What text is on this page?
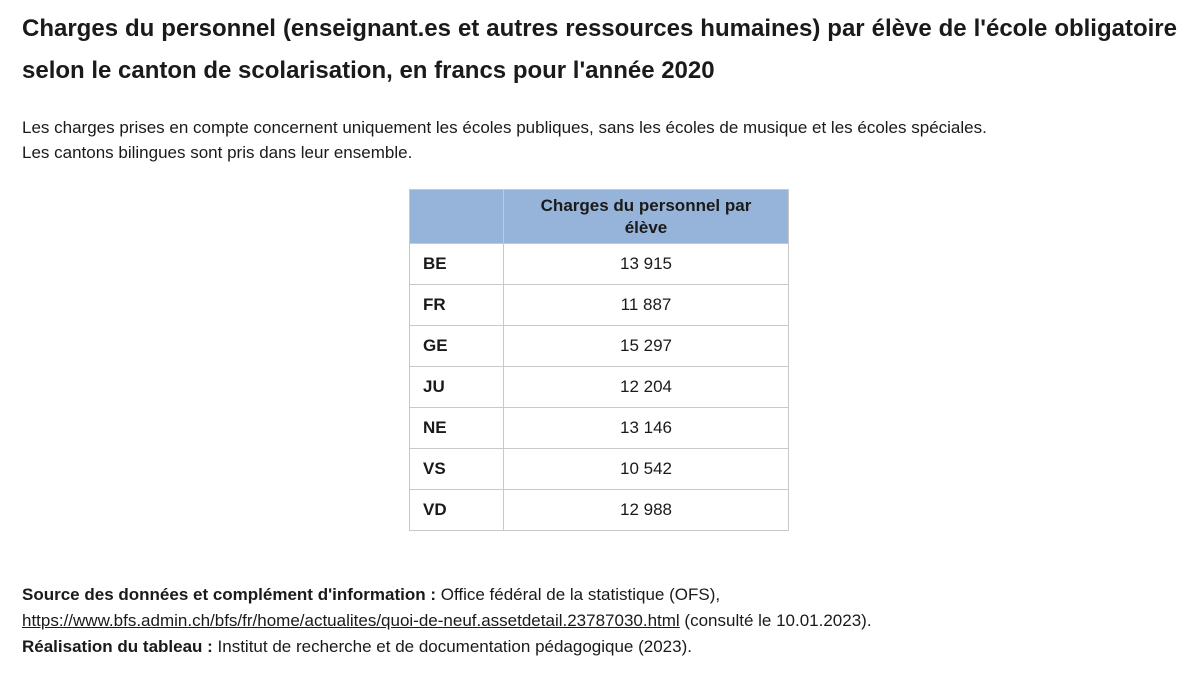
Charges du personnel (enseignant.es et autres ressources humaines) par élève de l'école obligatoire selon le canton de scolarisation, en francs pour l'année 2020
Les charges prises en compte concernent uniquement les écoles publiques, sans les écoles de musique et les écoles spéciales.
Les cantons bilingues sont pris dans leur ensemble.

	Charges du personnel par élève

BE	13 915
FR	11 887
GE	15 297
JU	12 204
NE	13 146
VS	10 542
VD	12 988
Source des données et complément d'information : Office fédéral de la statistique (OFS),
https://www.bfs.admin.ch/bfs/fr/home/actualites/quoi-de-neuf.assetdetail.23787030.html (consulté le 10.01.2023).
Réalisation du tableau : Institut de recherche et de documentation pédagogique (2023).
